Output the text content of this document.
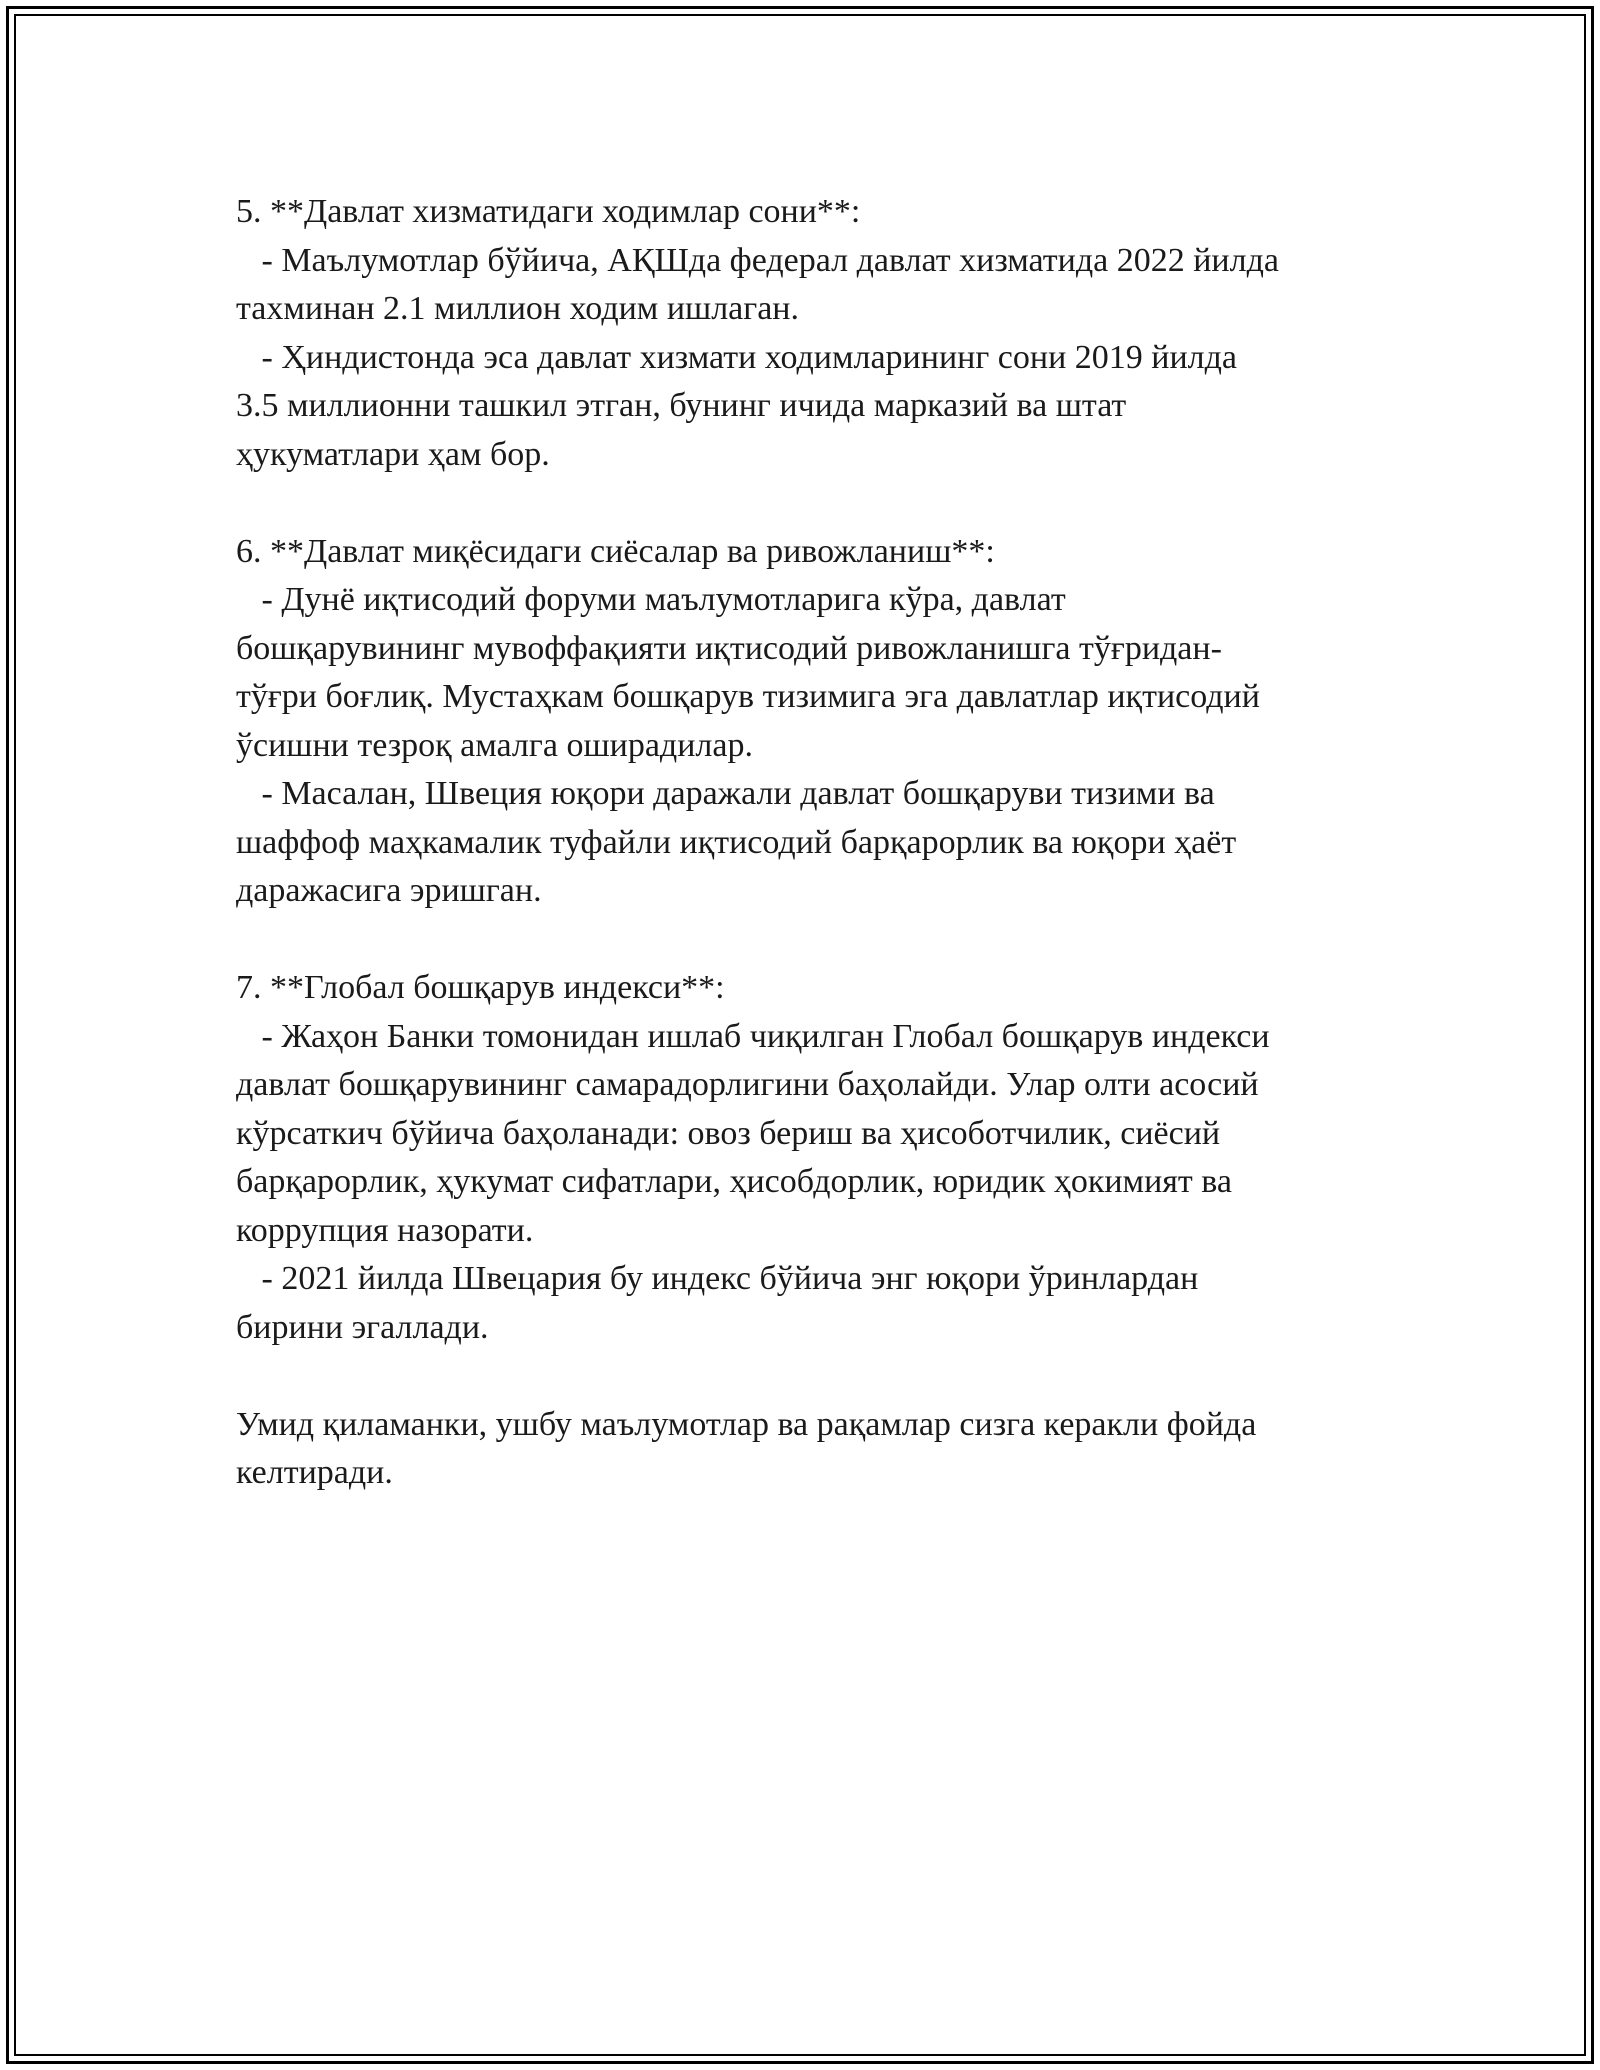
5. **Давлат хизматидаги ходимлар сони**:
- Маълумотлар бўйича, АҚШда федерал давлат хизматида 2022 йилда
тахминан 2.1 миллион ходим ишлаган.
- Ҳиндистонда эса давлат хизмати ходимларининг сони 2019 йилда
3.5 миллионни ташкил этган, бунинг ичида марказий ва штат
ҳукуматлари ҳам бор.
6. **Давлат миқёсидаги сиёсалар ва ривожланиш**:
- Дунё иқтисодий форуми маълумотларига кўра, давлат
бошқарувининг мувоффақияти иқтисодий ривожланишга тўғридан-
тўғри боғлиқ. Мустаҳкам бошқарув тизимига эга давлатлар иқтисодий
ўсишни тезроқ амалга оширадилар.
- Масалан, Швеция юқори даражали давлат бошқаруви тизими ва
шаффоф маҳкамалик туфайли иқтисодий барқарорлик ва юқори ҳаёт
даражасига эришган.
7. **Глобал бошқарув индекси**:
- Жаҳон Банки томонидан ишлаб чиқилган Глобал бошқарув индекси
давлат бошқарувининг самарадорлигини баҳолайди. Улар олти асосий
кўрсаткич бўйича баҳоланади: овоз бериш ва ҳисоботчилик, сиёсий
барқарорлик, ҳукумат сифатлари, ҳисобдорлик, юридик ҳокимият ва
коррупция назорати.
- 2021 йилда Швецария бу индекс бўйича энг юқори ўринлардан
бирини эгаллади.
Умид қиламанки, ушбу маълумотлар ва рақамлар сизга керакли фойда
келтиради.
